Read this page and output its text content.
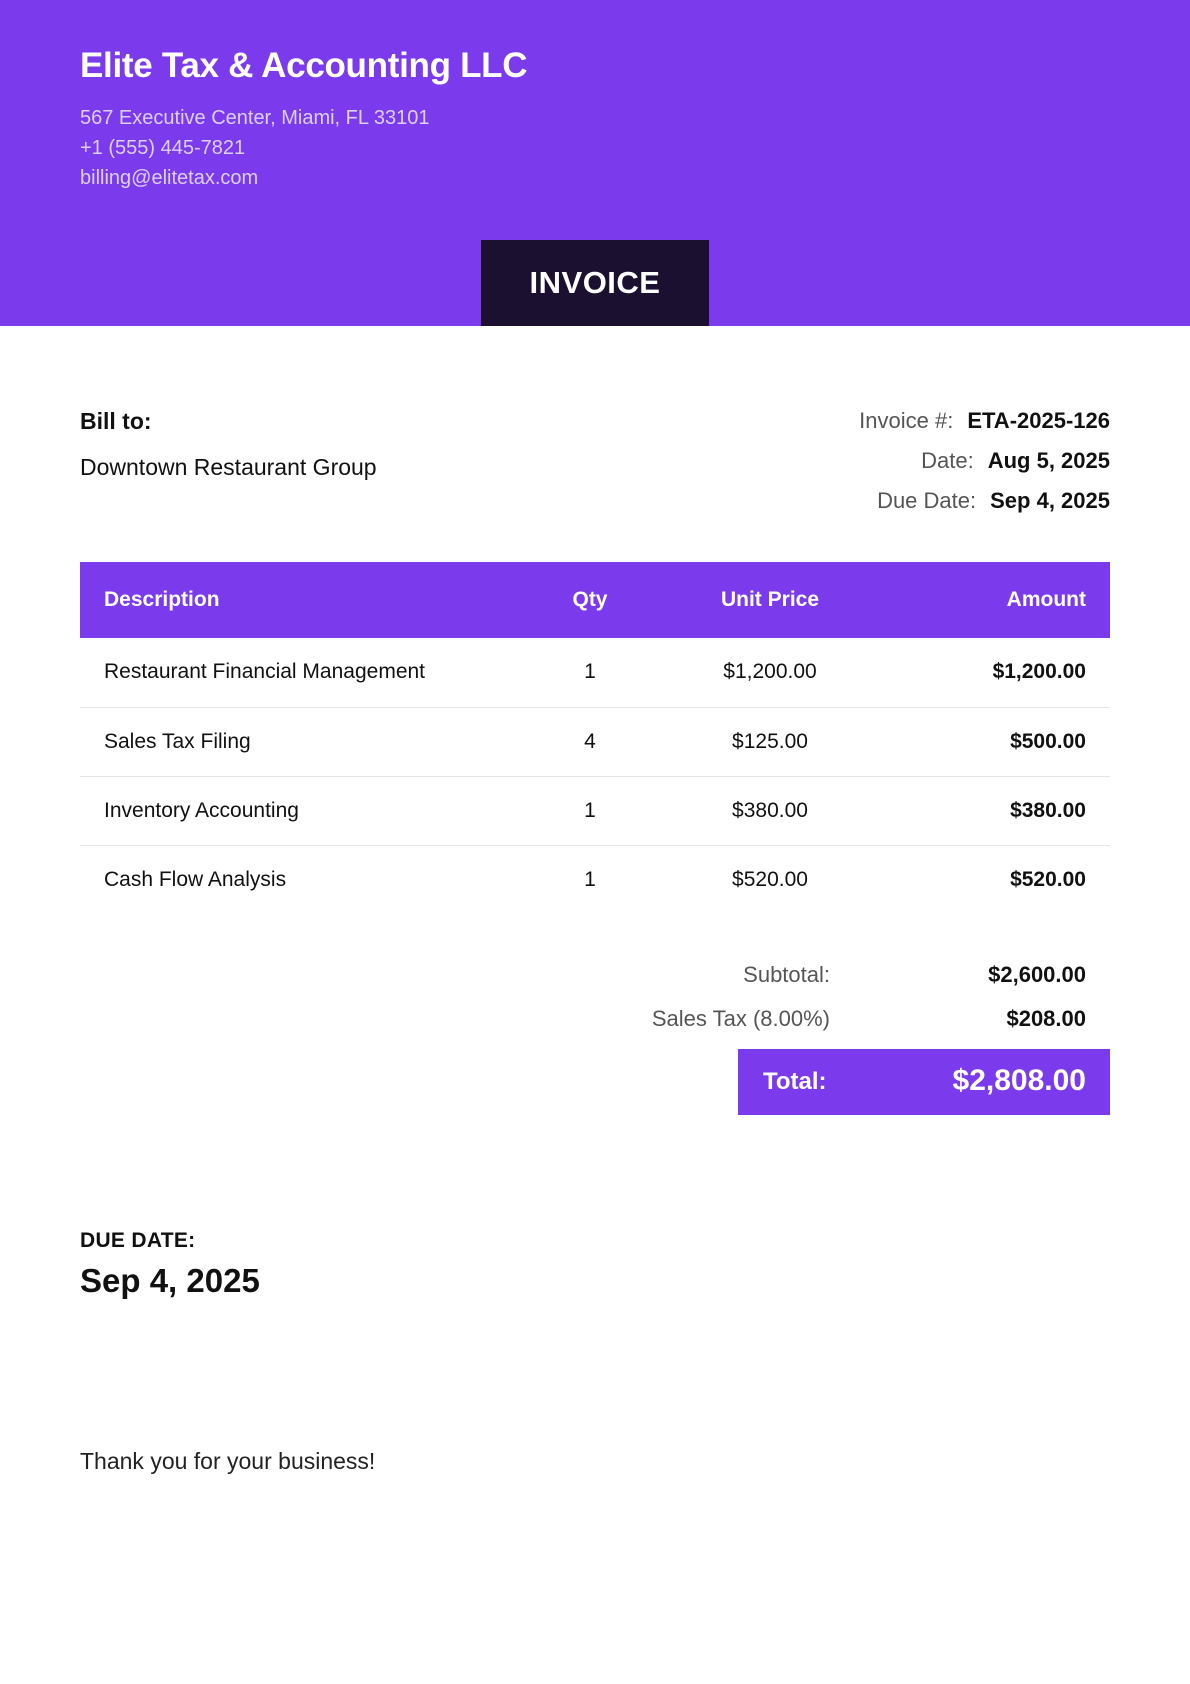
Elite Tax & Accounting LLC
567 Executive Center, Miami, FL 33101
+1 (555) 445-7821
billing@elitetax.com
INVOICE
Bill to:
Downtown Restaurant Group
Invoice #: ETA-2025-126
Date: Aug 5, 2025
Due Date: Sep 4, 2025
Description	Qty	Unit Price	Amount
Restaurant Financial Management	1	$1,200.00	$1,200.00
Sales Tax Filing	4	$125.00	$500.00
Inventory Accounting	1	$380.00	$380.00
Cash Flow Analysis	1	$520.00	$520.00
Subtotal:	$2,600.00
Sales Tax (8.00%)	$208.00
Total:	$2,808.00
DUE DATE:
Sep 4, 2025
Thank you for your business!
